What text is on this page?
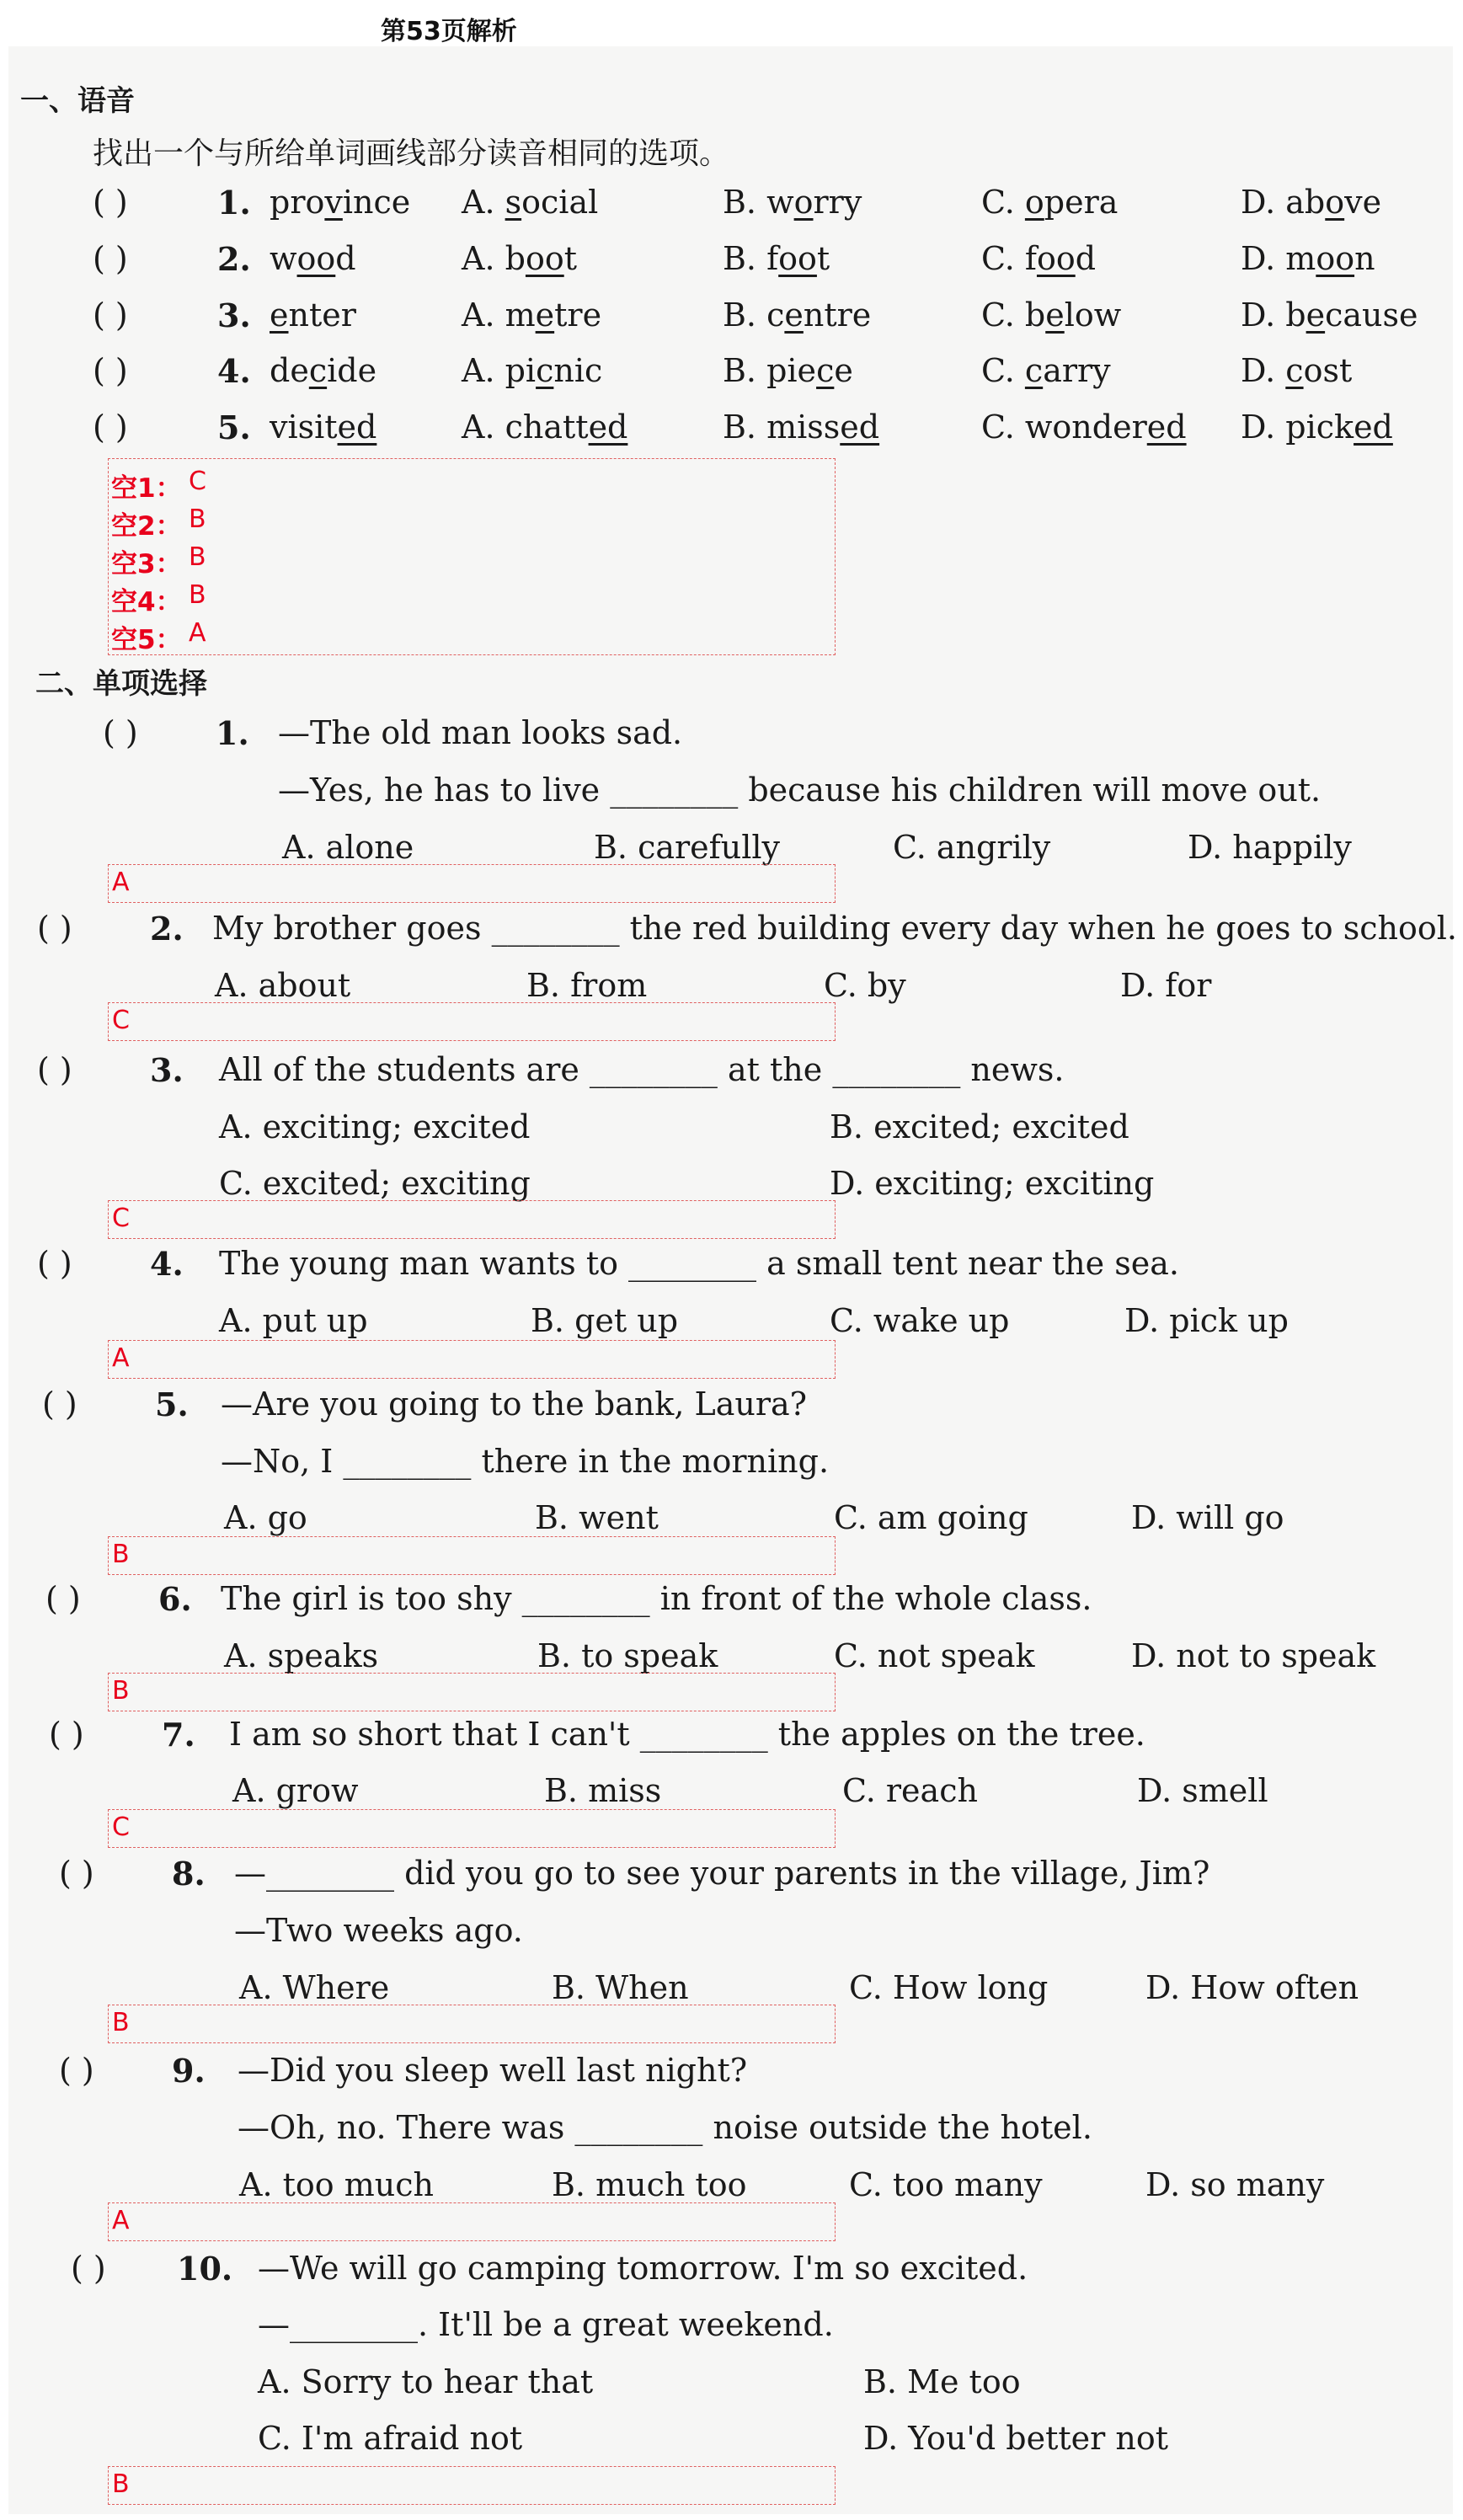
第53页解析
一、语音
找出一个与所给单词画线部分读音相同的选项。
( )	1. province A. social	B. worry	C. opera	D. above
( )	2. wood	A. boot	B. foot	C. food	D. moon
( )	3. enter	A. metre	B. centre	C. below	D. because
( )	4. decide	A. picnic	B. piece	C. carry	D. cost
( )	5. visited	A. chatted	B. missed	C. wondered D. picked
空1： C
空2： B
空3： B
空4： B
空5： A
二、单项选择
( ) 1. —The old man looks sad.
—Yes, he has to live ________ because his children will move out.
A. alone	B. carefully	C. angrily	D. happily
A
( ) 2. My brother goes ________ the red building every day when he goes to school.
A. about	B. from	C. by	D. for
C
( ) 3. All of the students are ________ at the ________ news.
A. exciting; excited	B. excited; excited
C. excited; exciting	D. exciting; exciting
C
( ) 4. The young man wants to ________ a small tent near the sea.
A. put up	B. get up	C. wake up	D. pick up
A
( ) 5. —Are you going to the bank, Laura?
—No, I ________ there in the morning.
A. go	B. went	C. am going	D. will go
B
( ) 6. The girl is too shy ________ in front of the whole class.
A. speaks	B. to speak	C. not speak	D. not to speak
B
( ) 7. I am so short that I can't ________ the apples on the tree.
A. grow	B. miss	C. reach	D. smell
C
( ) 8. —________ did you go to see your parents in the village, Jim?
—Two weeks ago.
A. Where	B. When	C. How long	D. How often
B
( ) 9. —Did you sleep well last night?
—Oh, no. There was ________ noise outside the hotel.
A. too much	B. much too	C. too many	D. so many
A
( ) 10. —We will go camping tomorrow. I'm so excited.
—________. It'll be a great weekend.
A. Sorry to hear that	B. Me too
C. I'm afraid not	D. You'd better not
B
